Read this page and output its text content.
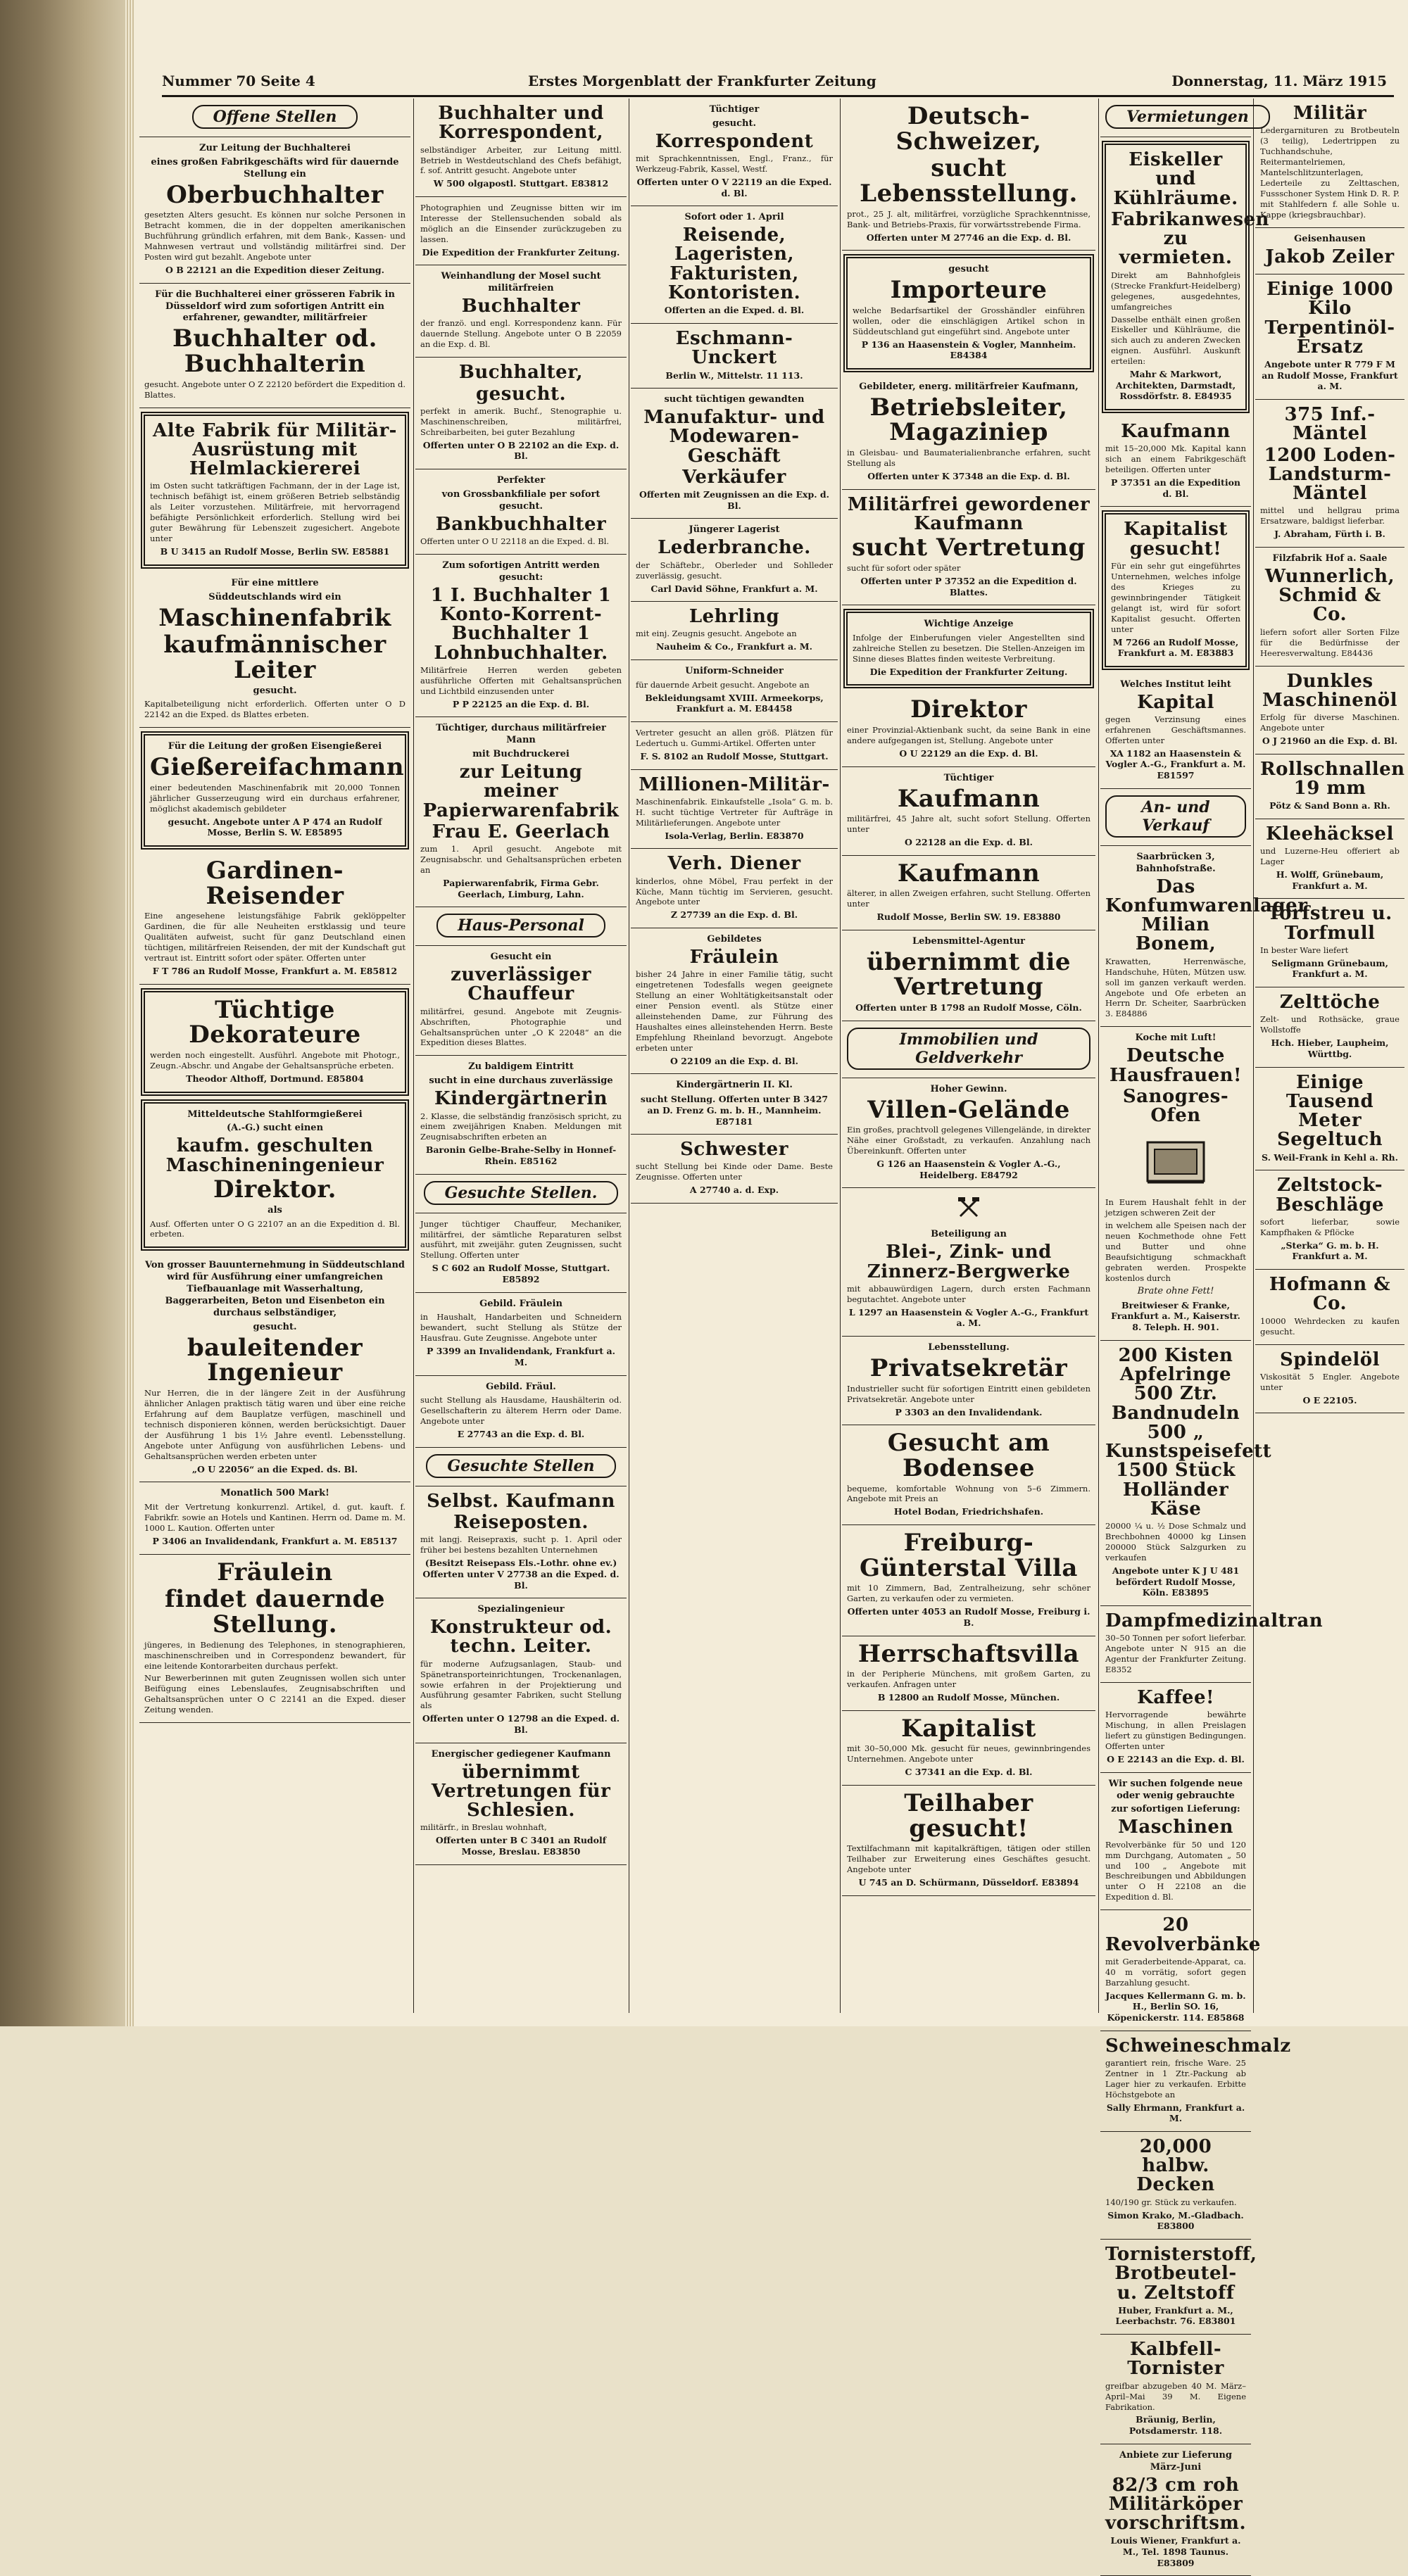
Nummer 70 Seite 4	Erstes Morgenblatt der Frankfurter Zeitung	Donnerstag, 11. März 1915
Offene Stellen
Zur Leitung der Buchhalterei
eines großen Fabrikgeschäfts wird für dauernde Stellung ein
Oberbuchhalter
gesetzten Alters gesucht. Es können nur solche Personen in Betracht kommen, die in der doppelten amerikanischen Buchführung gründlich erfahren, mit dem Bank-, Kassen- und Mahnwesen vertraut und vollständig militärfrei sind. Der Posten wird gut bezahlt. Angebote unter
O B 22121 an die Expedition dieser Zeitung.
Für die Buchhalterei einer grösseren Fabrik in Düsseldorf wird zum sofortigen Antritt ein erfahrener, gewandter, militärfreier
Buchhalter od. Buchhalterin
gesucht. Angebote unter O Z 22120 befördert die Expedition d. Blattes.
Alte Fabrik für Militär-Ausrüstung mit Helmlackiererei
im Osten sucht tatkräftigen Fachmann, der in der Lage ist, technisch befähigt ist, einem größeren Betrieb selbständig als Leiter vorzustehen. Militärfreie, mit hervorragend befähigte Persönlichkeit erforderlich. Stellung wird bei guter Bewährung für Lebenszeit zugesichert. Angebote unter
B U 3415 an Rudolf Mosse, Berlin SW. E85881
Für eine mittlere
Süddeutschlands wird ein
Maschinenfabrik
kaufmännischer Leiter
gesucht.
Kapitalbeteiligung nicht erforderlich. Offerten unter O D 22142 an die Exped. ds Blattes erbeten.
Für die Leitung der großen Eisengießerei
Gießereifachmann
einer bedeutenden Maschinenfabrik mit 20,000 Tonnen jährlicher Gusserzeugung wird ein durchaus erfahrener, möglichst akademisch gebildeter
gesucht. Angebote unter A P 474 an Rudolf Mosse, Berlin S. W. E85895
Gardinen-Reisender
Eine angesehene leistungsfähige Fabrik geklöppelter Gardinen, die für alle Neuheiten erstklassig und teure Qualitäten aufweist, sucht für ganz Deutschland einen tüchtigen, militärfreien Reisenden, der mit der Kundschaft gut vertraut ist. Eintritt sofort oder später. Offerten unter
F T 786 an Rudolf Mosse, Frankfurt a. M. E85812
Tüchtige Dekorateure
werden noch eingestellt. Ausführl. Angebote mit Photogr., Zeugn.-Abschr. und Angabe der Gehaltsansprüche erbeten.
Theodor Althoff, Dortmund. E85804
Mitteldeutsche Stahlformgießerei
(A.-G.) sucht einen
kaufm. geschulten Maschineningenieur
Direktor.
als
Ausf. Offerten unter O G 22107 an an die Expedition d. Bl. erbeten.
Von grosser Bauunternehmung in Süddeutschland wird für Ausführung einer umfangreichen Tiefbauanlage mit Wasserhaltung, Baggerarbeiten, Beton und Eisenbeton ein durchaus selbständiger,
gesucht.
bauleitender Ingenieur
Nur Herren, die in der längere Zeit in der Ausführung ähnlicher Anlagen praktisch tätig waren und über eine reiche Erfahrung auf dem Bauplatze verfügen, maschinell und technisch disponieren können, werden berücksichtigt. Dauer der Ausführung 1 bis 1½ Jahre eventl. Lebensstellung. Angebote unter Anfügung von ausführlichen Lebens- und Gehaltsansprüchen werden erbeten unter
„O U 22056“ an die Exped. ds. Bl.
Monatlich 500 Mark!
Mit der Vertretung konkurrenzl. Artikel, d. gut. kauft. f. Fabrikfr. sowie an Hotels und Kantinen. Herrn od. Dame m. M. 1000 L. Kaution. Offerten unter
P 3406 an Invalidendank, Frankfurt a. M. E85137
Fräulein
findet dauernde Stellung.
jüngeres, in Bedienung des Telephones, in stenographieren, maschinenschreiben und in Correspondenz bewandert, für eine leitende Kontorarbeiten durchaus perfekt.
Nur Bewerberinnen mit guten Zeugnissen wollen sich unter Beifügung eines Lebenslaufes, Zeugnisabschriften und Gehaltsansprüchen unter O C 22141 an die Exped. dieser Zeitung wenden.
Buchhalter und Korrespondent,
selbständiger Arbeiter, zur Leitung mittl. Betrieb in Westdeutschland des Chefs befähigt, f. sof. Antritt gesucht. Angebote unter
W 500 olgapostl. Stuttgart. E83812
Photographien und Zeugnisse bitten wir im Interesse der Stellensuchenden sobald als möglich an die Einsender zurückzugeben zu lassen.
Die Expedition der Frankfurter Zeitung.
Weinhandlung der Mosel sucht militärfreien
Buchhalter
der franzö. und engl. Korrespondenz kann. Für dauernde Stellung. Angebote unter O B 22059 an die Exp. d. Bl.
Buchhalter,
gesucht.
perfekt in amerik. Buchf., Stenographie u. Maschinenschreiben, militärfrei, Schreibarbeiten, bei guter Bezahlung
Offerten unter O B 22102 an die Exp. d. Bl.
Perfekter
von Grossbankfiliale per sofort gesucht.
Bankbuchhalter
Offerten unter O U 22118 an die Exped. d. Bl.
Zum sofortigen Antritt werden gesucht:
1 I. Buchhalter 1 Konto-Korrent-Buchhalter 1 Lohnbuchhalter.
Militärfreie Herren werden gebeten ausführliche Offerten mit Gehaltsansprüchen und Lichtbild einzusenden unter
P P 22125 an die Exp. d. Bl.
Tüchtiger, durchaus militärfreier Mann
mit Buchdruckerei
zur Leitung meiner Papierwarenfabrik
Frau E. Geerlach
zum 1. April gesucht. Angebote mit Zeugnisabschr. und Gehaltsansprüchen erbeten an
Papierwarenfabrik, Firma Gebr. Geerlach, Limburg, Lahn.
Haus-Personal
Gesucht ein
zuverlässiger Chauffeur
militärfrei, gesund. Angebote mit Zeugnis-Abschriften, Photographie und Gehaltsansprüchen unter „O K 22048“ an die Expedition dieses Blattes.
Zu baldigem Eintritt
sucht in eine durchaus zuverlässige
Kindergärtnerin
2. Klasse, die selbständig französisch spricht, zu einem zweijährigen Knaben. Meldungen mit Zeugnisabschriften erbeten an
Baronin Gelbe-Brahe-Selby in Honnef-Rhein. E85162
Gesuchte Stellen.
Junger tüchtiger Chauffeur, Mechaniker, militärfrei, der sämtliche Reparaturen selbst ausführt, mit zweijähr. guten Zeugnissen, sucht Stellung. Offerten unter
S C 602 an Rudolf Mosse, Stuttgart. E85892
Gebild. Fräulein
in Haushalt, Handarbeiten und Schneidern bewandert, sucht Stellung als Stütze der Hausfrau. Gute Zeugnisse. Angebote unter
P 3399 an Invalidendank, Frankfurt a. M.
Gebild. Fräul.
sucht Stellung als Hausdame, Haushälterin od. Gesellschafterin zu älterem Herrn oder Dame. Angebote unter
E 27743 an die Exp. d. Bl.
Gesuchte Stellen
Selbst. Kaufmann
Reiseposten.
mit langj. Reisepraxis, sucht p. 1. April oder früher bei bestens bezahlten Unternehmen
(Besitzt Reisepass Els.-Lothr. ohne ev.) Offerten unter V 27738 an die Exped. d. Bl.
Spezialingenieur
Konstrukteur od. techn. Leiter.
für moderne Aufzugsanlagen, Staub- und Spänetransporteinrichtungen, Trockenanlagen, sowie erfahren in der Projektierung und Ausführung gesamter Fabriken, sucht Stellung als
Offerten unter O 12798 an die Exped. d. Bl.
Energischer gediegener Kaufmann
übernimmt Vertretungen für Schlesien.
militärfr., in Breslau wohnhaft,
Offerten unter B C 3401 an Rudolf Mosse, Breslau. E83850
Tüchtiger
gesucht.
Korrespondent
mit Sprachkenntnissen, Engl., Franz., für Werkzeug-Fabrik, Kassel, Westf.
Offerten unter O V 22119 an die Exped. d. Bl.
Sofort oder 1. April
Reisende, Lageristen, Fakturisten, Kontoristen.
Offerten an die Exped. d. Bl.
Eschmann-Unckert
Berlin W., Mittelstr. 11 113.
sucht tüchtigen gewandten
Manufaktur- und Modewaren-Geschäft
Verkäufer
Offerten mit Zeugnissen an die Exp. d. Bl.
Jüngerer Lagerist
Lederbranche.
der Schäftebr., Oberleder und Sohlleder zuverlässig, gesucht.
Carl David Söhne, Frankfurt a. M.
Lehrling
mit einj. Zeugnis gesucht. Angebote an
Nauheim & Co., Frankfurt a. M.
Uniform-Schneider
für dauernde Arbeit gesucht. Angebote an
Bekleidungsamt XVIII. Armeekorps, Frankfurt a. M. E84458
Vertreter gesucht an allen größ. Plätzen für Ledertuch u. Gummi-Artikel. Offerten unter
F. S. 8102 an Rudolf Mosse, Stuttgart.
Millionen-Militär-
Maschinenfabrik. Einkaufstelle „Isola“ G. m. b. H. sucht tüchtige Vertreter für Aufträge in Militärlieferungen. Angebote unter
Isola-Verlag, Berlin. E83870
Verh. Diener
kinderlos, ohne Möbel, Frau perfekt in der Küche, Mann tüchtig im Servieren, gesucht. Angebote unter
Z 27739 an die Exp. d. Bl.
Gebildetes
Fräulein
bisher 24 Jahre in einer Familie tätig, sucht eingetretenen Todesfalls wegen geeignete Stellung an einer Wohltätigkeitsanstalt oder einer Pension eventl. als Stütze einer alleinstehenden Dame, zur Führung des Haushaltes eines alleinstehenden Herrn. Beste Empfehlung Rheinland bevorzugt. Angebote erbeten unter
O 22109 an die Exp. d. Bl.
Kindergärtnerin II. Kl.
sucht Stellung. Offerten unter B 3427 an D. Frenz G. m. b. H., Mannheim. E87181
Schwester
sucht Stellung bei Kinde oder Dame. Beste Zeugnisse. Offerten unter
A 27740 a. d. Exp.
Deutsch-Schweizer,
sucht Lebensstellung.
prot., 25 J. alt, militärfrei, vorzügliche Sprachkenntnisse, Bank- und Betriebs-Praxis, für vorwärtsstrebende Firma.
Offerten unter M 27746 an die Exp. d. Bl.
gesucht
Importeure
welche Bedarfsartikel der Grosshändler einführen wollen, oder die einschlägigen Artikel schon in Süddeutschland gut eingeführt sind. Angebote unter
P 136 an Haasenstein & Vogler, Mannheim. E84384
Gebildeter, energ. militärfreier Kaufmann,
Betriebsleiter, Magaziniер
in Gleisbau- und Baumaterialienbranche erfahren, sucht Stellung als
Offerten unter K 37348 an die Exp. d. Bl.
Militärfrei gewordener Kaufmann
sucht Vertretung
sucht für sofort oder später
Offerten unter P 37352 an die Expedition d. Blattes.
Wichtige Anzeige
Infolge der Einberufungen vieler Angestellten sind zahlreiche Stellen zu besetzen. Die Stellen-Anzeigen im Sinne dieses Blattes finden weiteste Verbreitung.
Die Expedition der Frankfurter Zeitung.
Direktor
einer Provinzial-Aktienbank sucht, da seine Bank in eine andere aufgegangen ist, Stellung. Angebote unter
O U 22129 an die Exp. d. Bl.
Tüchtiger
Kaufmann
militärfrei, 45 Jahre alt, sucht sofort Stellung. Offerten unter
O 22128 an die Exp. d. Bl.
Kaufmann
älterer, in allen Zweigen erfahren, sucht Stellung. Offerten unter
Rudolf Mosse, Berlin SW. 19. E83880
Lebensmittel-Agentur
übernimmt die Vertretung
Offerten unter B 1798 an Rudolf Mosse, Cöln.
Immobilien und Geldverkehr
Hoher Gewinn.
Villen-Gelände
Ein großes, prachtvoll gelegenes Villengelände, in direkter Nähe einer Großstadt, zu verkaufen. Anzahlung nach Übereinkunft. Offerten unter
G 126 an Haasenstein & Vogler A.-G., Heidelberg. E84792
Beteiligung an
Blei-, Zink- und Zinnerz-Bergwerke
mit abbauwürdigen Lagern, durch ersten Fachmann begutachtet. Angebote unter
L 1297 an Haasenstein & Vogler A.-G., Frankfurt a. M.
Lebensstellung.
Privatsekretär
Industrieller sucht für sofortigen Eintritt einen gebildeten Privatsekretär. Angebote unter
P 3303 an den Invalidendank.
Gesucht am Bodensee
bequeme, komfortable Wohnung von 5–6 Zimmern. Angebote mit Preis an
Hotel Bodan, Friedrichshafen.
Freiburg-Günterstal Villa
mit 10 Zimmern, Bad, Zentralheizung, sehr schöner Garten, zu verkaufen oder zu vermieten.
Offerten unter 4053 an Rudolf Mosse, Freiburg i. B.
Herrschaftsvilla
in der Peripherie Münchens, mit großem Garten, zu verkaufen. Anfragen unter
B 12800 an Rudolf Mosse, München.
Kapitalist
mit 30–50,000 Mk. gesucht für neues, gewinnbringendes Unternehmen. Angebote unter
C 37341 an die Exp. d. Bl.
Teilhaber gesucht!
Textilfachmann mit kapitalkräftigen, tätigen oder stillen Teilhaber zur Erweiterung eines Geschäftes gesucht. Angebote unter
U 745 an D. Schürmann, Düsseldorf. E83894
Vermietungen
Eiskeller und Kühlräume.
Fabrikanwesen zu vermieten.
Direkt am Bahnhofgleis (Strecke Frankfurt-Heidelberg) gelegenes, ausgedehntes, umfangreiches
Dasselbe enthält einen großen Eiskeller und Kühlräume, die sich auch zu anderen Zwecken eignen. Ausführl. Auskunft erteilen:
Mahr & Markwort, Architekten, Darmstadt, Rossdörfstr. 8. E84935
Kaufmann
mit 15–20,000 Mk. Kapital kann sich an einem Fabrikgeschäft beteiligen. Offerten unter
P 37351 an die Expedition d. Bl.
Kapitalist gesucht!
Für ein sehr gut eingeführtes Unternehmen, welches infolge des Krieges zu gewinnbringender Tätigkeit gelangt ist, wird für sofort Kapitalist gesucht. Offerten unter
M 7266 an Rudolf Mosse, Frankfurt a. M. E83883
Welches Institut leiht
Kapital
gegen Verzinsung eines erfahrenen Geschäftsmannes. Offerten unter
XA 1182 an Haasenstein & Vogler A.-G., Frankfurt a. M. E81597
An- und Verkauf
Saarbrücken 3, Bahnhofstraße.
Das Konfumwarenlager Milian Bonem,
Krawatten, Herrenwäsche, Handschuhe, Hüten, Mützen usw. soll im ganzen verkauft werden. Angebote und Ofe erbeten an Herrn Dr. Scheiter, Saarbrücken 3. E84886
Koche mit Luft!
Deutsche Hausfrauen!
Sanogres-Ofen
In Eurem Haushalt fehlt in der jetzigen schweren Zeit der
in welchem alle Speisen nach der neuen Kochmethode ohne Fett und Butter und ohne Beaufsichtigung schmackhaft gebraten werden. Prospekte kostenlos durch
Brate ohne Fett!
Breitwieser & Franke, Frankfurt a. M., Kaiserstr. 8. Teleph. H. 901.
200 Kisten Apfelringe 500 Ztr. Bandnudeln 500 „ Kunstspeisefett 1500 Stück Holländer Käse
20000 ¼ u. ½ Dose Schmalz und Brechbohnen 40000 kg Linsen 200000 Stück Salzgurken zu verkaufen
Angebote unter K J U 481 befördert Rudolf Mosse, Köln. E83895
Dampfmedizinaltran
30–50 Tonnen per sofort lieferbar. Angebote unter N 915 an die Agentur der Frankfurter Zeitung. E8352
Kaffee!
Hervorragende bewährte Mischung, in allen Preislagen liefert zu günstigen Bedingungen. Offerten unter
O E 22143 an die Exp. d. Bl.
Wir suchen folgende neue oder wenig gebrauchte
zur sofortigen Lieferung:
Maschinen
Revolverbänke für 50 und 120 mm Durchgang, Automaten „ 50 und 100 „ Angebote mit Beschreibungen und Abbildungen unter O H 22108 an die Expedition d. Bl.
20 Revolverbänke
mit Geraderbeitende-Apparat, ca. 40 m vorrätig, sofort gegen Barzahlung gesucht.
Jacques Kellermann G. m. b. H., Berlin SO. 16, Köpenickerstr. 114. E85868
Schweineschmalz
garantiert rein, frische Ware. 25 Zentner in 1 Ztr.-Packung ab Lager hier zu verkaufen. Erbitte Höchstgebote an
Sally Ehrmann, Frankfurt a. M.
20,000 halbw. Decken
140/190 gr. Stück zu verkaufen.
Simon Krako, M.-Gladbach. E83800
Tornisterstoff, Brotbeutel- u. Zeltstoff
Huber, Frankfurt a. M., Leerbachstr. 76. E83801
Kalbfell-Tornister
greifbar abzugeben 40 M. März–April–Mai 39 M. Eigene Fabrikation.
Bräunig, Berlin, Potsdamerstr. 118.
Anbiete zur Lieferung März-Juni
82/3 cm roh Militärköper vorschriftsm.
Louis Wiener, Frankfurt a. M., Tel. 1898 Taunus. E83809
Militär
Ledergarnituren zu Brotbeuteln (3 teilig), Ledertrippen zu Tuchhandschuhe, Reitermantelriemen, Mantelschlitzunterlagen, Lederteile zu Zelttaschen, Fussschoner System Hink D. R. P. mit Stahlfedern f. alle Sohle u. Kappe (kriegsbrauchbar).
Geisenhausen
Jakob Zeiler
Einige 1000 Kilo Terpentinöl-Ersatz
Angebote unter R 779 F M an Rudolf Mosse, Frankfurt a. M.
375 Inf.-Mäntel
1200 Loden-Landsturm-Mäntel
mittel und hellgrau prima Ersatzware, baldigst lieferbar.
J. Abraham, Fürth i. B.
Filzfabrik Hof a. Saale
Wunnerlich, Schmid & Co.
liefern sofort aller Sorten Filze für die Bedürfnisse der Heeresverwaltung. E84436
Dunkles Maschinenöl
Erfolg für diverse Maschinen. Angebote unter
O J 21960 an die Exp. d. Bl.
Rollschnallen 19 mm
Pötz & Sand Bonn a. Rh.
Kleehäcksel
und Luzerne-Heu offeriert ab Lager
H. Wolff, Grünebaum, Frankfurt a. M.
Torfstreu u. Torfmull
In bester Ware liefert
Seligmann Grünebaum, Frankfurt a. M.
Zelttöche
Zelt- und Rothsäcke, graue Wollstoffe
Hch. Hieber, Laupheim, Württbg.
Einige Tausend Meter Segeltuch
S. Weil-Frank in Kehl a. Rh.
Zeltstock-Beschläge
sofort lieferbar, sowie Kampfhaken & Pflöcke
„Sterka“ G. m. b. H. Frankfurt a. M.
Hofmann & Co.
10000 Wehrdecken zu kaufen gesucht.
Spindelöl
Viskosität 5 Engler. Angebote unter
O E 22105.
